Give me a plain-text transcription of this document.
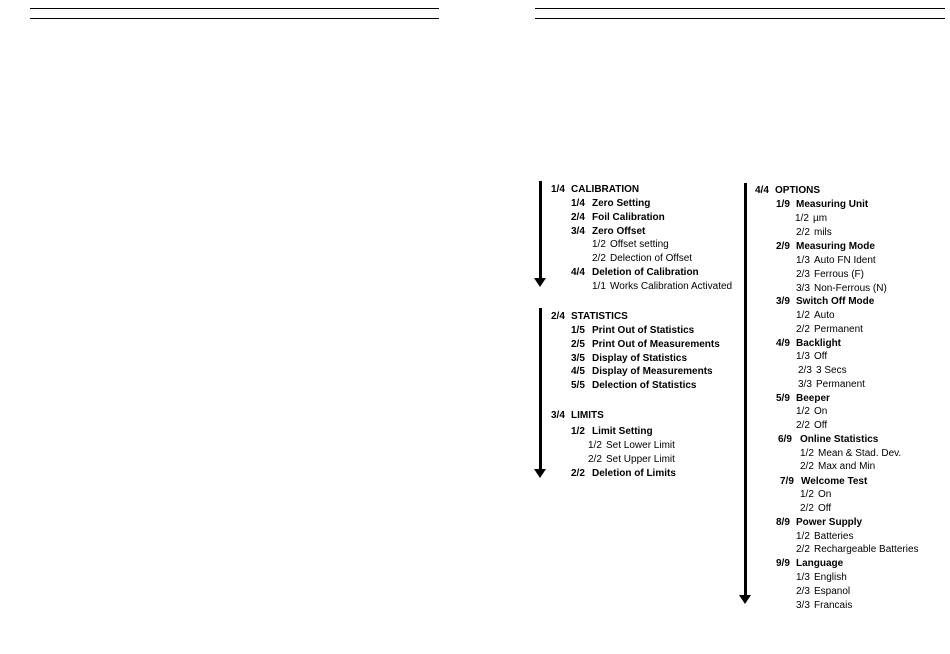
1/4 CALIBRATION
1/4 Zero Setting
2/4 Foil Calibration
3/4 Zero Offset
1/2 Offset setting
2/2 Delection of Offset
4/4 Deletion of Calibration
1/1 Works Calibration Activated
2/4 STATISTICS
1/5 Print Out of Statistics
2/5 Print Out of Measurements
3/5 Display of Statistics
4/5 Display of Measurements
5/5 Delection of Statistics
3/4 LIMITS
1/2 Limit Setting
1/2 Set Lower Limit
2/2 Set Upper Limit
2/2 Deletion of Limits
4/4 OPTIONS
1/9 Measuring Unit
1/2 µm
2/2 mils
2/9 Measuring Mode
1/3 Auto FN Ident
2/3 Ferrous (F)
3/3 Non-Ferrous (N)
3/9 Switch Off Mode
1/2 Auto
2/2 Permanent
4/9 Backlight
1/3 Off
2/3 3 Secs
3/3 Permanent
5/9 Beeper
1/2 On
2/2 Off
6/9 Online Statistics
1/2 Mean & Stad. Dev.
2/2 Max and Min
7/9 Welcome Test
1/2 On
2/2 Off
8/9 Power Supply
1/2 Batteries
2/2 Rechargeable Batteries
9/9 Language
1/3 English
2/3 Espanol
3/3 Francais
